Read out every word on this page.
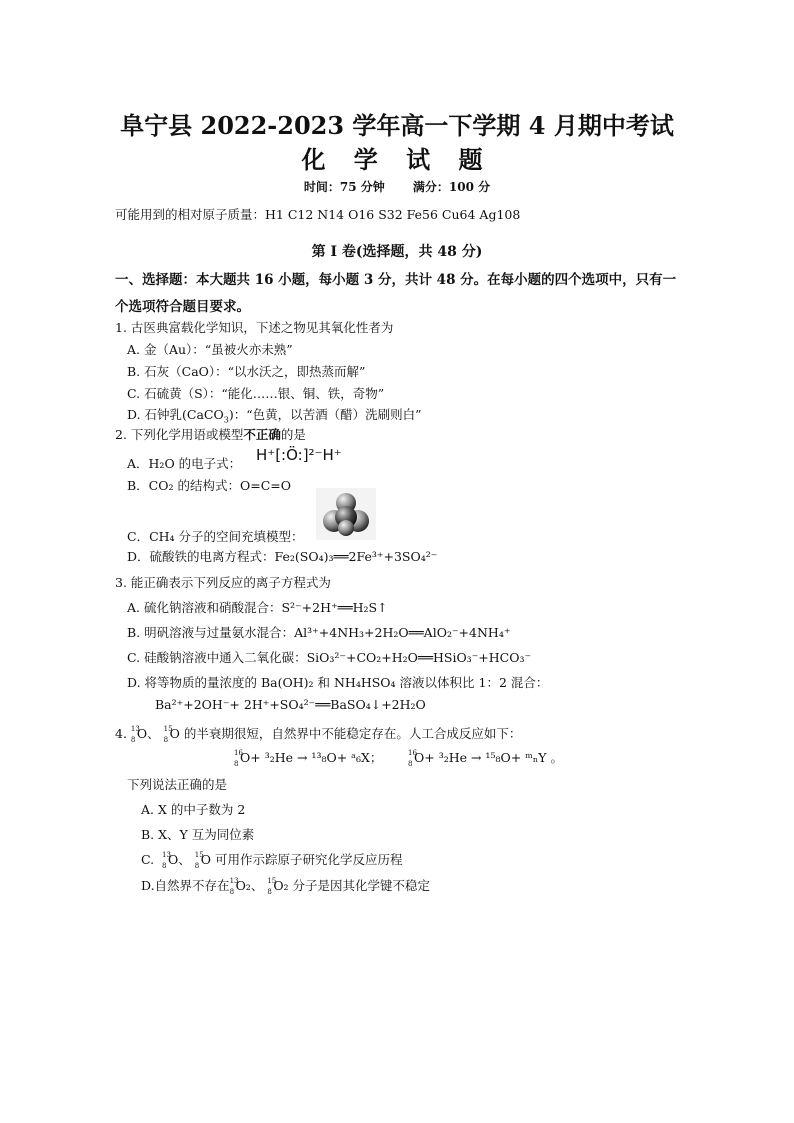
阜宁县 2022-2023 学年高一下学期 4 月期中考试
化 学 试 题
时间：75 分钟 满分：100 分
可能用到的相对原子质量：H1 C12 N14 O16 S32 Fe56 Cu64 Ag108
第 I 卷(选择题，共 48 分)
一、选择题：本大题共 16 小题，每小题 3 分，共计 48 分。在每小题的四个选项中，只有一
个选项符合题目要求。
1. 古医典富载化学知识，下述之物见其氧化性者为
A. 金（Au）：“虽被火亦未熟”
B. 石灰（CaO）：“以水沃之，即热蒸而解”
C. 石硫黄（S）：“能化……银、铜、铁，奇物”
D. 石钟乳(CaCO$_3$)：“色黄，以苦酒（醋）洗刷则白”
2. 下列化学用语或模型不正确的是
A．H₂O 的电子式： H⁺[:Ö:]²⁻H⁺
B．CO₂ 的结构式：O=C=O
C．CH₄ 分子的空间充填模型：
D．硫酸铁的电离方程式：Fe₂(SO₄)₃══2Fe³⁺+3SO₄²⁻
3. 能正确表示下列反应的离子方程式为
A. 硫化钠溶液和硝酸混合：S²⁻+2H⁺══H₂S↑
B. 明矾溶液与过量氨水混合：Al³⁺+4NH₃+2H₂O══AlO₂⁻+4NH₄⁺
C. 硅酸钠溶液中通入二氧化碳：SiO₃²⁻+CO₂+H₂O══HSiO₃⁻+HCO₃⁻
D. 将等物质的量浓度的 Ba(OH)₂ 和 NH₄HSO₄ 溶液以体积比 1：2 混合：
Ba²⁺+2OH⁻+ 2H⁺+SO₄²⁻══BaSO₄↓+2H₂O
4. 13
8 O、 15
8 O 的半衰期很短，自然界中不能稳定存在。人工合成反应如下：
16
8 O+ ³₂He → ¹³₈O+ ᵃ₆X；	16
8 O+ ³₂He → ¹⁵₈O+ ᵐₙY 。
下列说法正确的是
A. X 的中子数为 2
B. X、Y 互为同位素
C. 13
8 O、 15
8 O 可用作示踪原子研究化学反应历程
D.自然界不存在 13
8 O₂、 15
8 O₂ 分子是因其化学键不稳定
